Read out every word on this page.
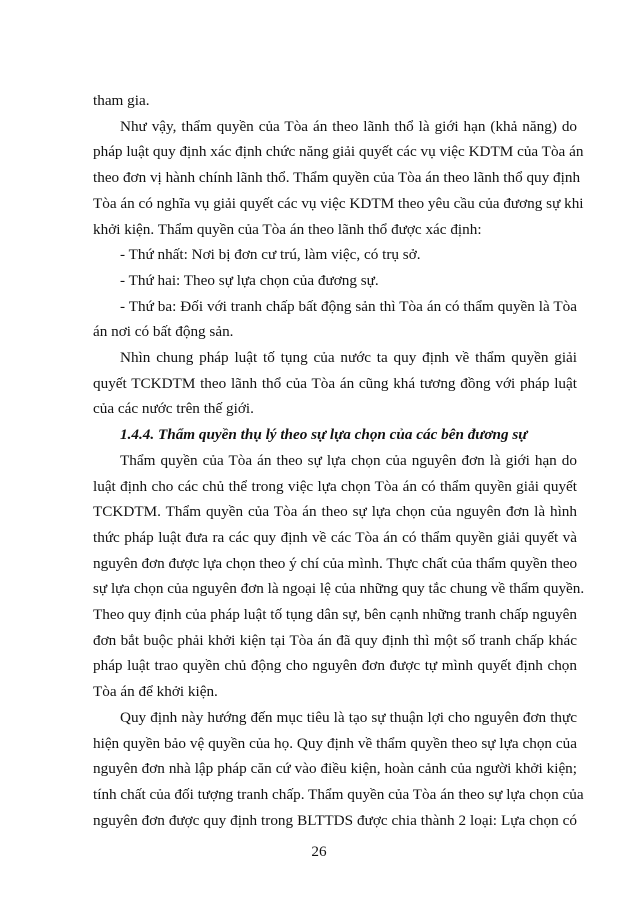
tham gia.
Như vậy, thẩm quyền của Tòa án theo lãnh thổ là giới hạn (khả năng) do
pháp luật quy định xác định chức năng giải quyết các vụ việc KDTM của Tòa án
theo đơn vị hành chính lãnh thổ. Thẩm quyền của Tòa án theo lãnh thổ quy định
Tòa án có nghĩa vụ giải quyết các vụ việc KDTM theo yêu cầu của đương sự khi
khởi kiện. Thẩm quyền của Tòa án theo lãnh thổ được xác định:
- Thứ nhất: Nơi bị đơn cư trú, làm việc, có trụ sở.
- Thứ hai: Theo sự lựa chọn của đương sự.
- Thứ ba: Đối với tranh chấp bất động sản thì Tòa án có thẩm quyền là Tòa
án nơi có bất động sản.
Nhìn chung pháp luật tố tụng của nước ta quy định về thẩm quyền giải
quyết TCKDTM theo lãnh thổ của Tòa án cũng khá tương đồng với pháp luật
của các nước trên thế giới.
1.4.4. Thẩm quyền thụ lý theo sự lựa chọn của các bên đương sự
Thẩm quyền của Tòa án theo sự lựa chọn của nguyên đơn là giới hạn do
luật định cho các chủ thể trong việc lựa chọn Tòa án có thẩm quyền giải quyết
TCKDTM. Thẩm quyền của Tòa án theo sự lựa chọn của nguyên đơn là hình
thức pháp luật đưa ra các quy định về các Tòa án có thẩm quyền giải quyết và
nguyên đơn được lựa chọn theo ý chí của mình. Thực chất của thẩm quyền theo
sự lựa chọn của nguyên đơn là ngoại lệ của những quy tắc chung về thẩm quyền.
Theo quy định của pháp luật tố tụng dân sự, bên cạnh những tranh chấp nguyên
đơn bắt buộc phải khởi kiện tại Tòa án đã quy định thì một số tranh chấp khác
pháp luật trao quyền chủ động cho nguyên đơn được tự mình quyết định chọn
Tòa án để khởi kiện.
Quy định này hướng đến mục tiêu là tạo sự thuận lợi cho nguyên đơn thực
hiện quyền bảo vệ quyền của họ. Quy định về thẩm quyền theo sự lựa chọn của
nguyên đơn nhà lập pháp căn cứ vào điều kiện, hoàn cảnh của người khởi kiện;
tính chất của đối tượng tranh chấp. Thẩm quyền của Tòa án theo sự lựa chọn của
nguyên đơn được quy định trong BLTTDS được chia thành 2 loại: Lựa chọn có
26
